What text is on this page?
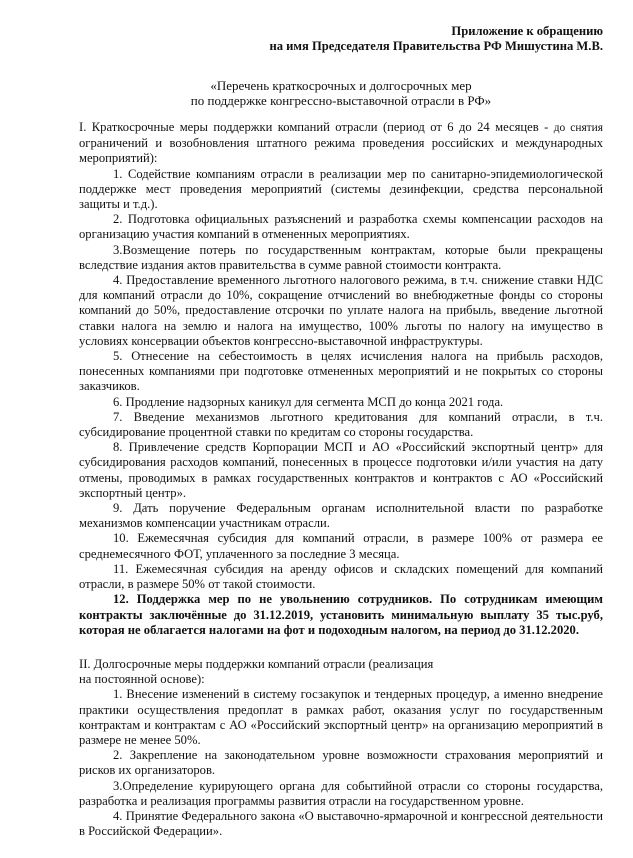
Приложение к обращению
на имя Председателя Правительства РФ Мишустина М.В.
«Перечень краткосрочных и долгосрочных мер
по поддержке конгрессно-выставочной отрасли в РФ»
I. Краткосрочные меры поддержки компаний отрасли (период от 6 до 24 месяцев - до снятия ограничений и возобновления штатного режима проведения российских и международных мероприятий):
1. Содействие компаниям отрасли в реализации мер по санитарно-эпидемиологической поддержке мест проведения мероприятий (системы дезинфекции, средства персональной защиты и т.д.).
2. Подготовка официальных разъяснений и разработка схемы компенсации расходов на организацию участия компаний в отмененных мероприятиях.
3.Возмещение потерь по государственным контрактам, которые были прекращены вследствие издания актов правительства в сумме равной стоимости контракта.
4. Предоставление временного льготного налогового режима, в т.ч. снижение ставки НДС для компаний отрасли до 10%, сокращение отчислений во внебюджетные фонды со стороны компаний до 50%, предоставление отсрочки по уплате налога на прибыль, введение льготной ставки налога на землю и налога на имущество, 100% льготы по налогу на имущество в условиях консервации объектов конгрессно-выставочной инфраструктуры.
5. Отнесение на себестоимость в целях исчисления налога на прибыль расходов, понесенных компаниями при подготовке отмененных мероприятий и не покрытых со стороны заказчиков.
6. Продление надзорных каникул для сегмента МСП до конца 2021 года.
7. Введение механизмов льготного кредитования для компаний отрасли, в т.ч. субсидирование процентной ставки по кредитам со стороны государства.
8. Привлечение средств Корпорации МСП и АО «Российский экспортный центр» для субсидирования расходов компаний, понесенных в процессе подготовки и/или участия на дату отмены, проводимых в рамках государственных контрактов и контрактов с АО «Российский экспортный центр».
9. Дать поручение Федеральным органам исполнительной власти по разработке механизмов компенсации участникам отрасли.
10. Ежемесячная субсидия для компаний отрасли, в размере 100% от размера ее среднемесячного ФОТ, уплаченного за последние 3 месяца.
11. Ежемесячная субсидия на аренду офисов и складских помещений для компаний отрасли, в размере 50% от такой стоимости.
12. Поддержка мер по не увольнению сотрудников. По сотрудникам имеющим контракты заключённые до 31.12.2019, установить минимальную выплату 35 тыс.руб, которая не облагается налогами на фот и подоходным налогом, на период до 31.12.2020.
II. Долгосрочные меры поддержки компаний отрасли (реализация
на постоянной основе):
1. Внесение изменений в систему госзакупок и тендерных процедур, а именно внедрение практики осуществления предоплат в рамках работ, оказания услуг по государственным контрактам и контрактам с АО «Российский экспортный центр» на организацию мероприятий в размере не менее 50%.
2. Закрепление на законодательном уровне возможности страхования мероприятий и рисков их организаторов.
3.Определение курирующего органа для событийной отрасли со стороны государства, разработка и реализация программы развития отрасли на государственном уровне.
4. Принятие Федерального закона «О выставочно-ярмарочной и конгрессной деятельности в Российской Федерации».
